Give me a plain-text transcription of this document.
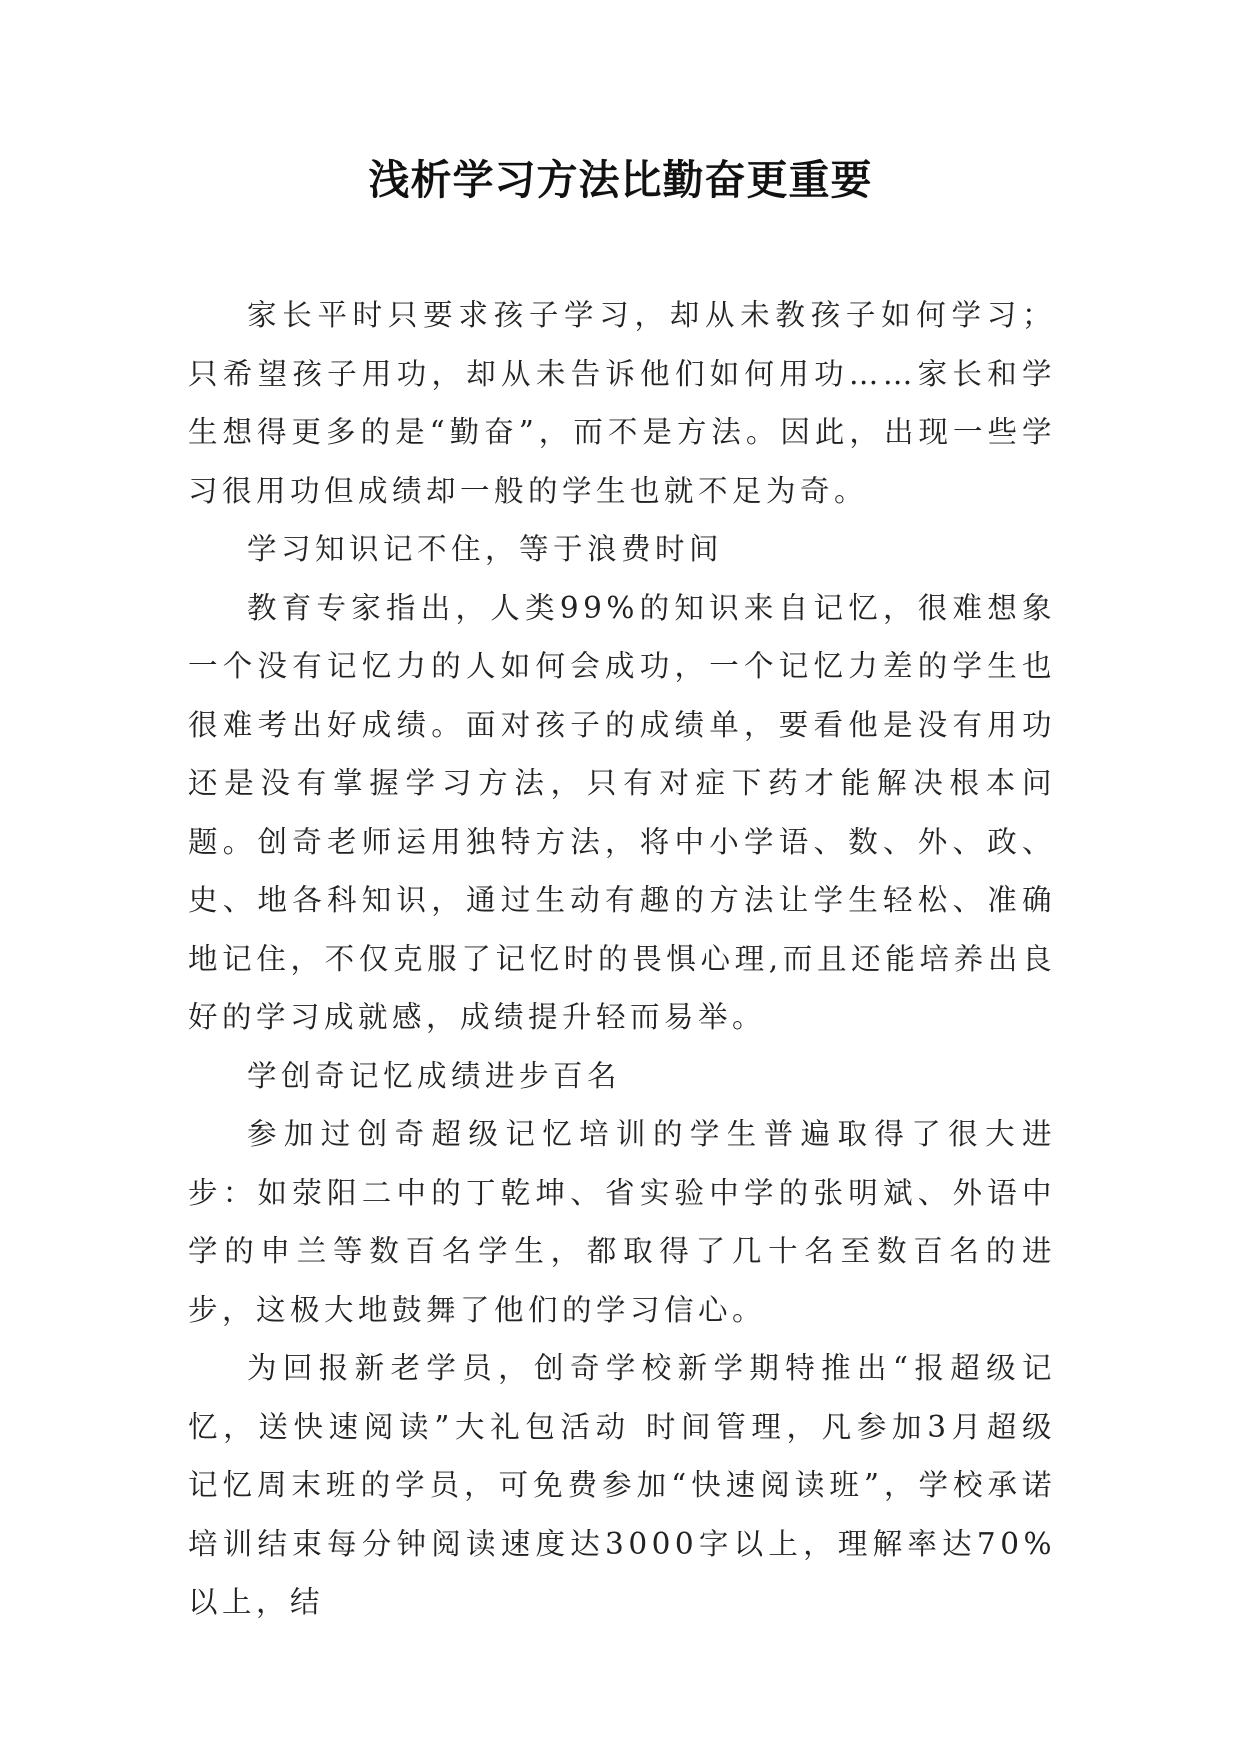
浅析学习方法比勤奋更重要

家长平时只要求孩子学习，却从未教孩子如何学习；只希望孩子用功，却从未告诉他们如何用功……家长和学生想得更多的是“勤奋”，而不是方法。因此，出现一些学习很用功但成绩却一般的学生也就不足为奇。

学习知识记不住，等于浪费时间

教育专家指出，人类99%的知识来自记忆，很难想象一个没有记忆力的人如何会成功，一个记忆力差的学生也很难考出好成绩。面对孩子的成绩单，要看他是没有用功还是没有掌握学习方法，只有对症下药才能解决根本问题。创奇老师运用独特方法，将中小学语、数、外、政、史、地各科知识，通过生动有趣的方法让学生轻松、准确地记住，不仅克服了记忆时的畏惧心理,而且还能培养出良好的学习成就感，成绩提升轻而易举。

学创奇记忆成绩进步百名

参加过创奇超级记忆培训的学生普遍取得了很大进步：如荥阳二中的丁乾坤、省实验中学的张明斌、外语中学的申兰等数百名学生，都取得了几十名至数百名的进步，这极大地鼓舞了他们的学习信心。

为回报新老学员，创奇学校新学期特推出“报超级记忆，送快速阅读”大礼包活动 时间管理，凡参加3月超级记忆周末班的学员，可免费参加“快速阅读班”，学校承诺培训结束每分钟阅读速度达3000字以上，理解率达70%以上，结
